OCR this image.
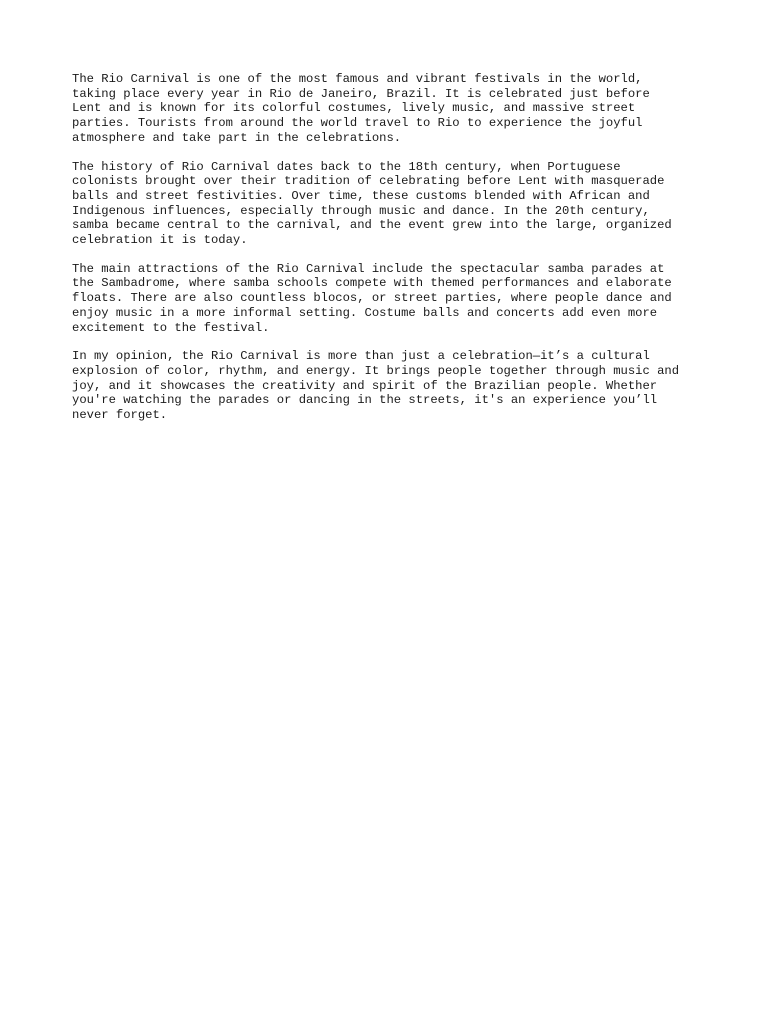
The Rio Carnival is one of the most famous and vibrant festivals in the world,
taking place every year in Rio de Janeiro, Brazil. It is celebrated just before
Lent and is known for its colorful costumes, lively music, and massive street
parties. Tourists from around the world travel to Rio to experience the joyful
atmosphere and take part in the celebrations.

The history of Rio Carnival dates back to the 18th century, when Portuguese
colonists brought over their tradition of celebrating before Lent with masquerade
balls and street festivities. Over time, these customs blended with African and
Indigenous influences, especially through music and dance. In the 20th century,
samba became central to the carnival, and the event grew into the large, organized
celebration it is today.

The main attractions of the Rio Carnival include the spectacular samba parades at
the Sambadrome, where samba schools compete with themed performances and elaborate
floats. There are also countless blocos, or street parties, where people dance and
enjoy music in a more informal setting. Costume balls and concerts add even more
excitement to the festival.

In my opinion, the Rio Carnival is more than just a celebration—it’s a cultural
explosion of color, rhythm, and energy. It brings people together through music and
joy, and it showcases the creativity and spirit of the Brazilian people. Whether
you're watching the parades or dancing in the streets, it's an experience you’ll
never forget.
